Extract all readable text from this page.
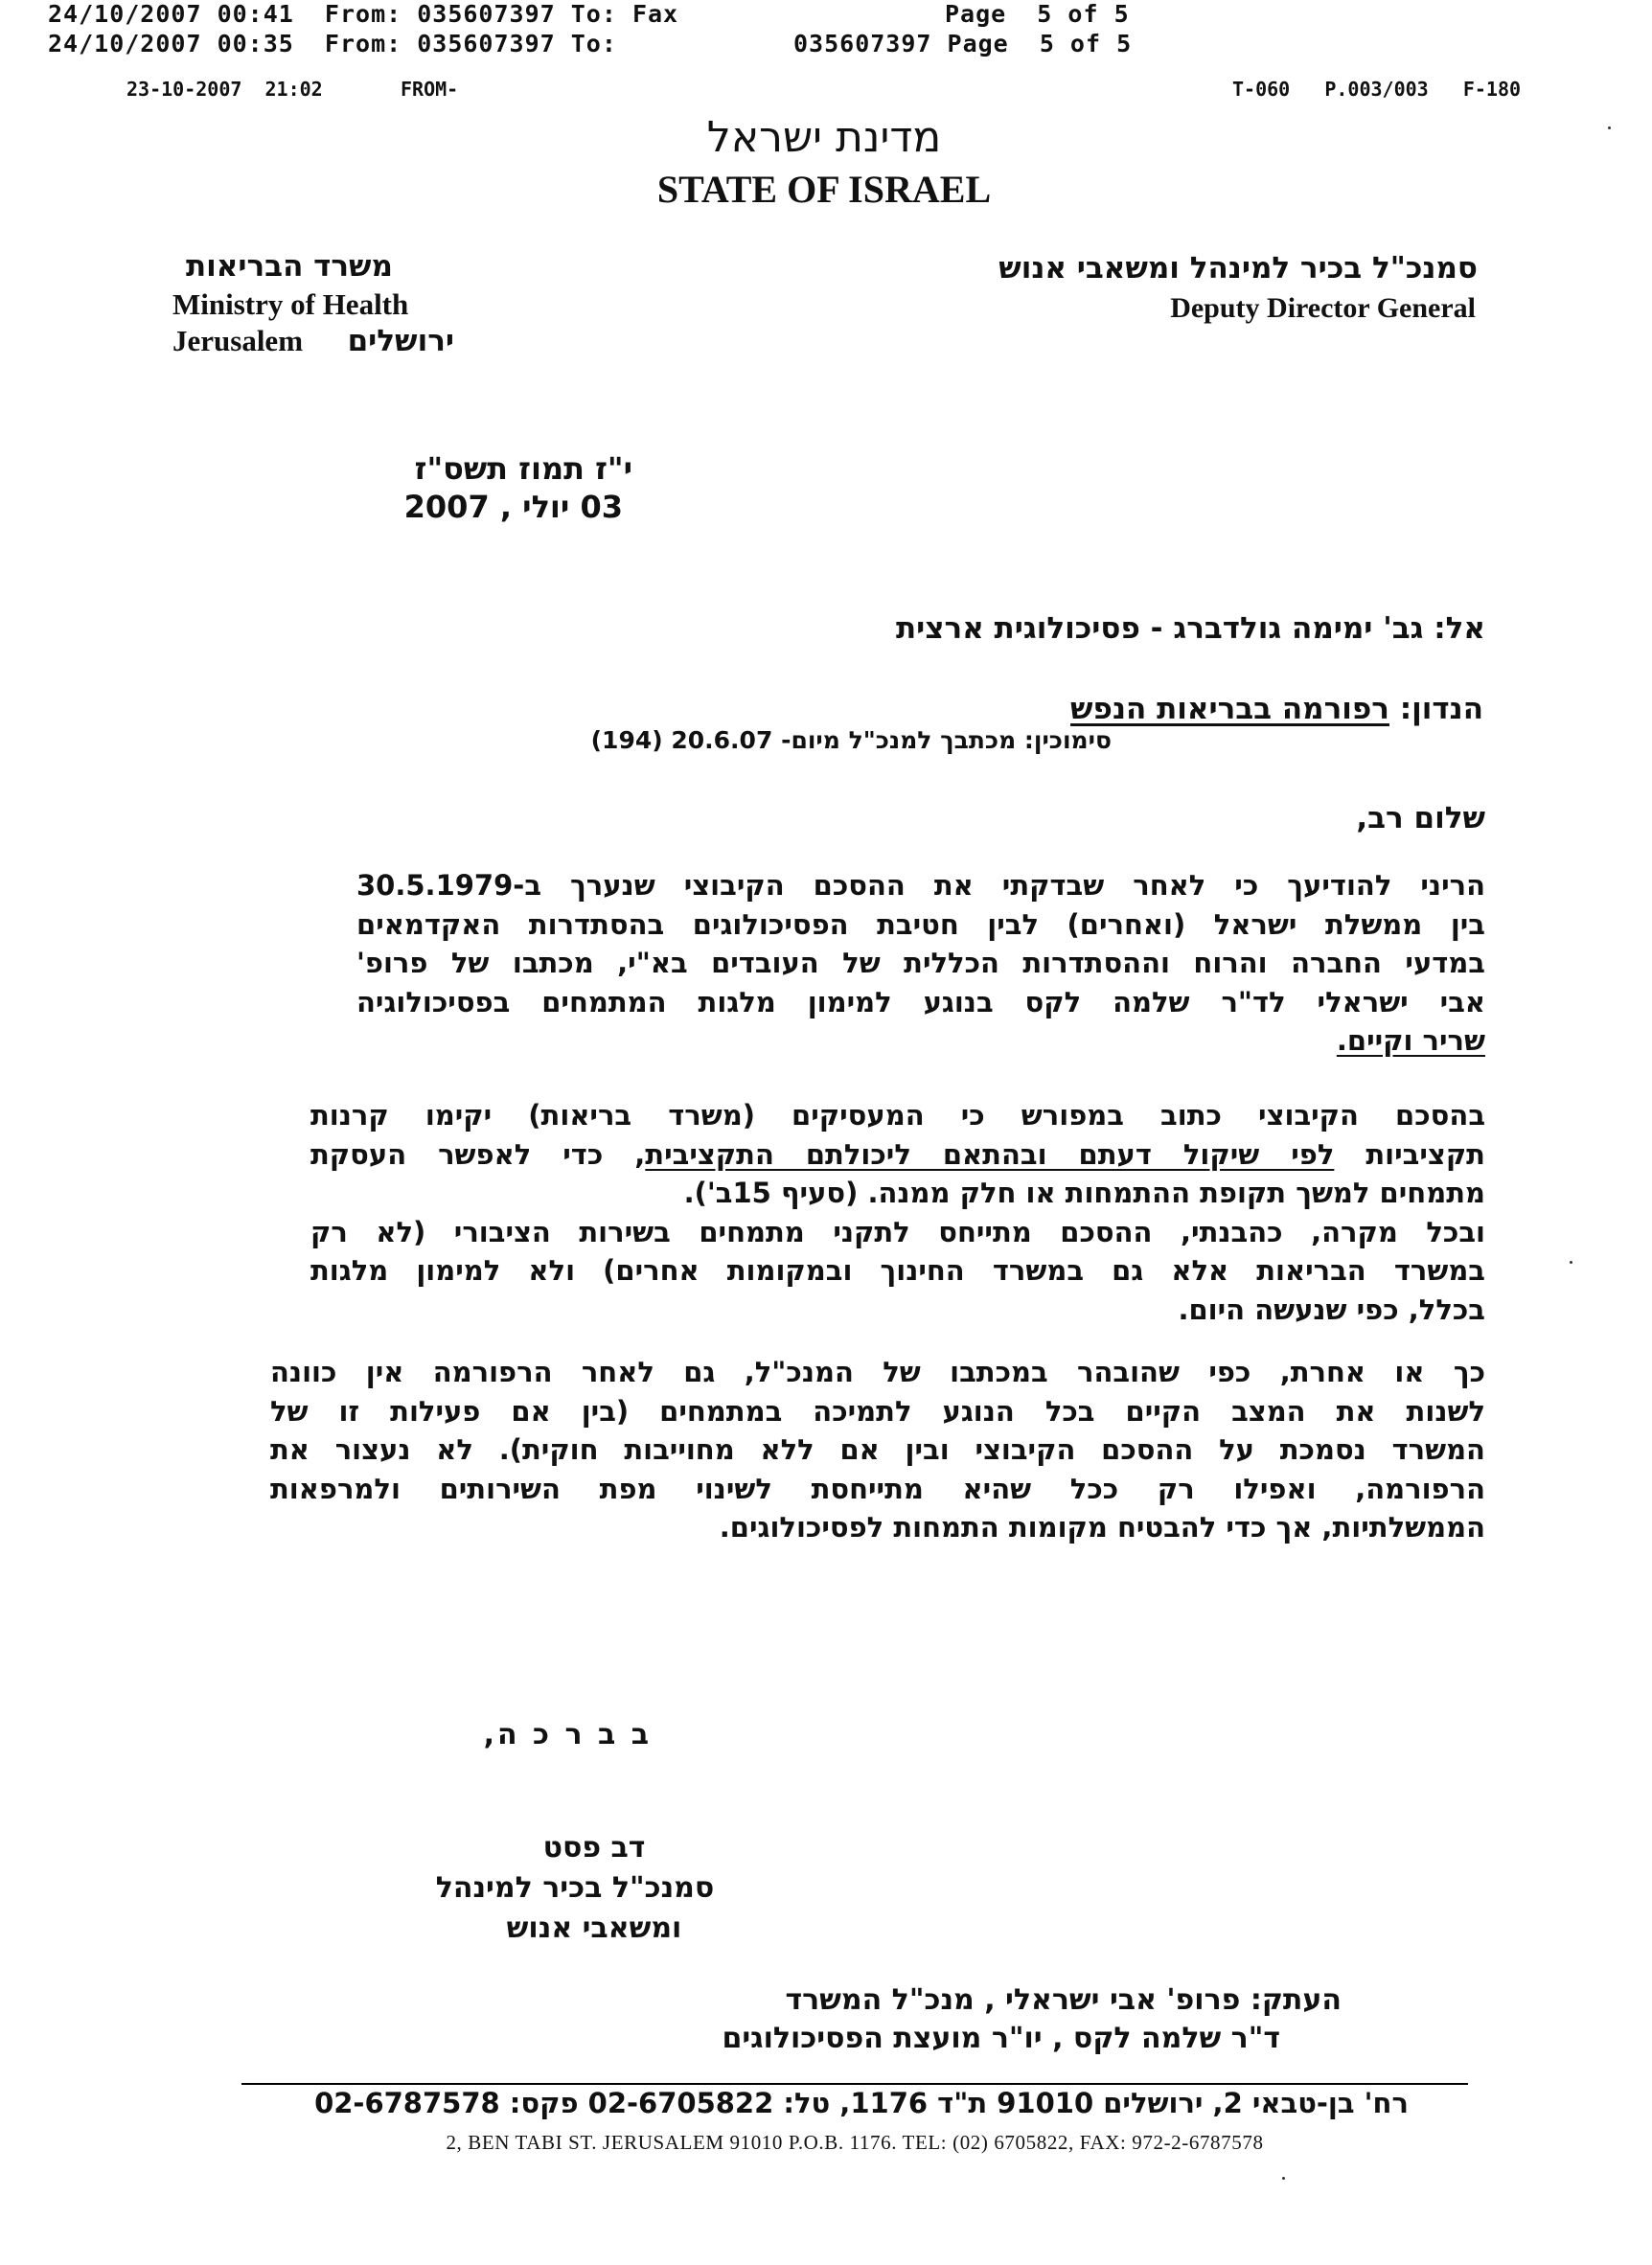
24/10/2007 00:41  From: 035607397 To: Fax	Page  5 of 5
24/10/2007 00:35  From: 035607397 To:	035607397 Page  5 of 5
23-10-2007  21:02	FROM-	T-060   P.003/003   F-180
מדינת ישראל
STATE OF ISRAEL
משרד הבריאות
Ministry of Health
Jerusalem	ירושלים
סמנכ"ל בכיר למינהל ומשאבי אנוש
Deputy Director General
י"ז תמוז תשס"ז
03 יולי , 2007
אל: גב' ימימה גולדברג - פסיכולוגית ארצית
הנדון: רפורמה בבריאות הנפש
סימוכין: מכתבך למנכ"ל מיום- 20.6.07 (194)
שלום רב,
הריני להודיעך כי לאחר שבדקתי את ההסכם הקיבוצי שנערך ב-30.5.1979
בין ממשלת ישראל (ואחרים) לבין חטיבת הפסיכולוגים בהסתדרות האקדמאים
במדעי החברה והרוח וההסתדרות הכללית של העובדים בא"י, מכתבו של פרופ'
אבי ישראלי לד"ר שלמה לקס בנוגע למימון מלגות המתמחים בפסיכולוגיה
שריר וקיים.
בהסכם הקיבוצי כתוב במפורש כי המעסיקים (משרד בריאות) יקימו קרנות
תקציביות לפי שיקול דעתם ובהתאם ליכולתם התקציבית, כדי לאפשר העסקת
מתמחים למשך תקופת ההתמחות או חלק ממנה. (סעיף 15ב').
ובכל מקרה, כהבנתי, ההסכם מתייחס לתקני מתמחים בשירות הציבורי (לא רק
במשרד הבריאות אלא גם במשרד החינוך ובמקומות אחרים) ולא למימון מלגות
בכלל, כפי שנעשה היום.
כך או אחרת, כפי שהובהר במכתבו של המנכ"ל, גם לאחר הרפורמה אין כוונה
לשנות את המצב הקיים בכל הנוגע לתמיכה במתמחים (בין אם פעילות זו של
המשרד נסמכת על ההסכם הקיבוצי ובין אם ללא מחוייבות חוקית). לא נעצור את
הרפורמה, ואפילו רק ככל שהיא מתייחסת לשינוי מפת השירותים ולמרפאות
הממשלתיות, אך כדי להבטיח מקומות התמחות לפסיכולוגים.
ב ב ר כ ה,
דב פסט
סמנכ"ל בכיר למינהל
ומשאבי אנוש
העתק: פרופ' אבי ישראלי , מנכ"ל המשרד
ד"ר שלמה לקס , יו"ר מועצת הפסיכולוגים
רח' בן-טבאי 2, ירושלים 91010 ת"ד 1176, טל: 02-6705822 פקס: 02-6787578
2, BEN TABI ST. JERUSALEM 91010 P.O.B. 1176. TEL: (02) 6705822, FAX: 972-2-6787578
